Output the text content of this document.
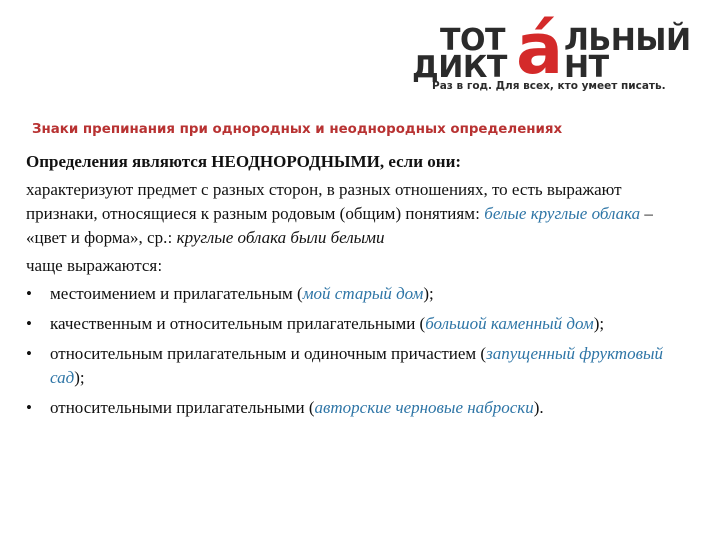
ТОТ á ЛЬНЫЙ
ДИКТ НТ
Раз в год. Для всех, кто умеет писать.
Знаки препинания при однородных и неоднородных определениях

Определения являются НЕОДНОРОДНЫМИ, если они:

характеризуют предмет с разных сторон, в разных отношениях, то есть выражают признаки, относящиеся к разным родовым (общим) понятиям: белые круглые облака – «цвет и форма», ср.: круглые облака были белыми

чаще выражаются:

• местоимением и прилагательным (мой старый дом);
• качественным и относительным прилагательными (большой каменный дом);
• относительным прилагательным и одиночным причастием (запущенный фруктовый сад);
• относительными прилагательными (авторские черновые наброски).
